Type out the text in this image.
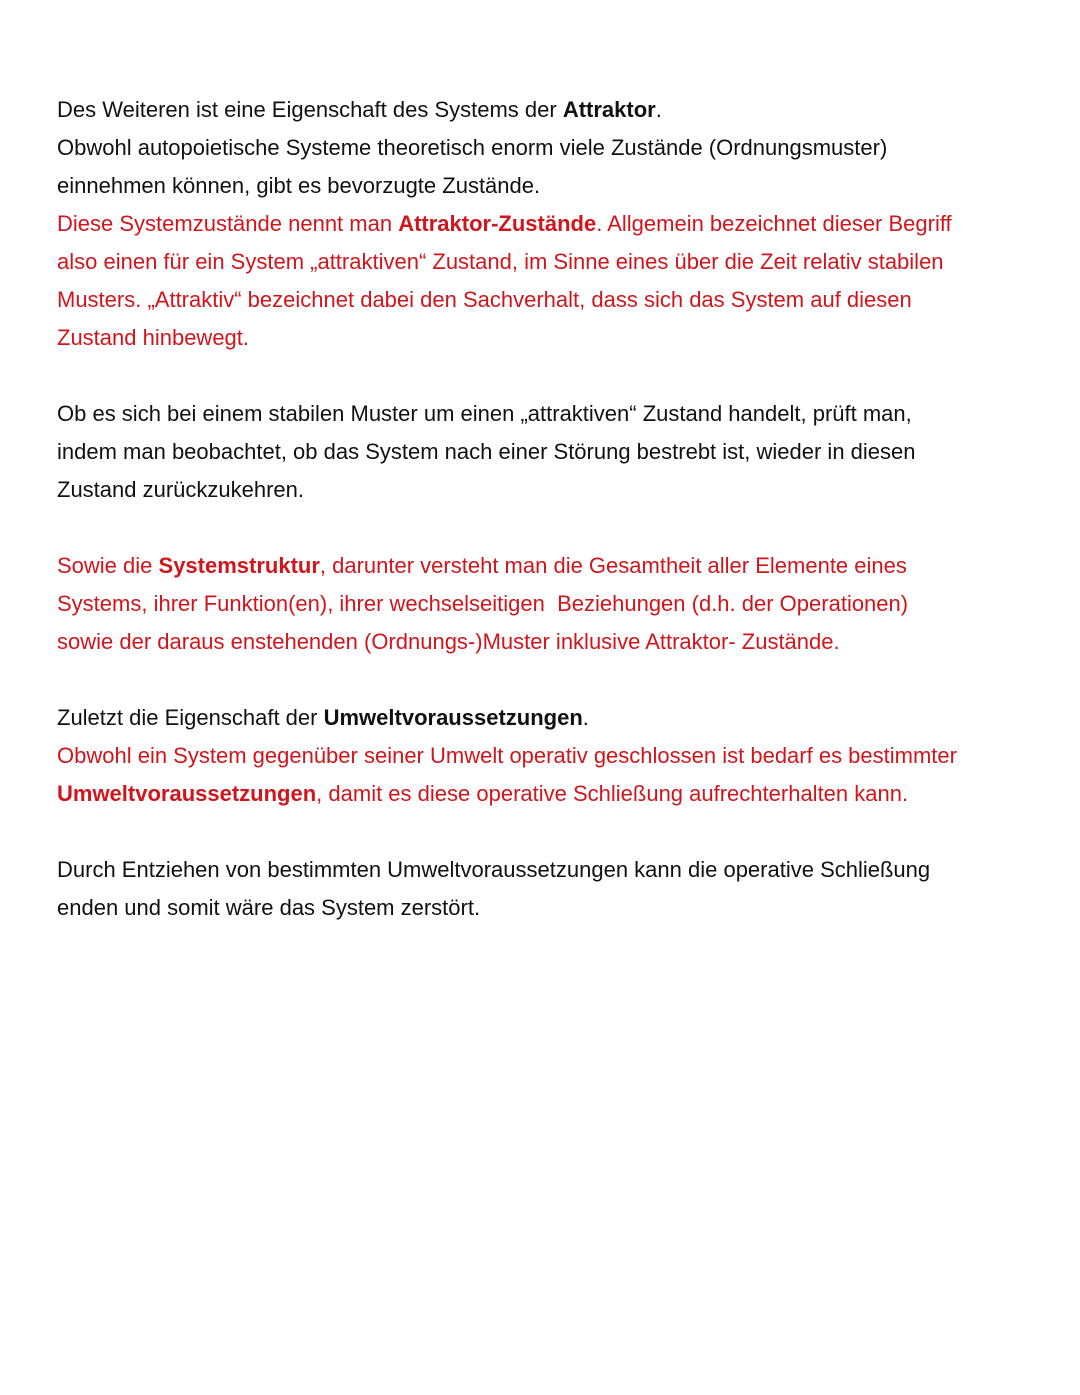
Des Weiteren ist eine Eigenschaft des Systems der Attraktor.
Obwohl autopoietische Systeme theoretisch enorm viele Zustände (Ordnungsmuster)
einnehmen können, gibt es bevorzugte Zustände.
Diese Systemzustände nennt man Attraktor-Zustände. Allgemein bezeichnet dieser Begriff
also einen für ein System „attraktiven“ Zustand, im Sinne eines über die Zeit relativ stabilen
Musters. „Attraktiv“ bezeichnet dabei den Sachverhalt, dass sich das System auf diesen
Zustand hinbewegt.
Ob es sich bei einem stabilen Muster um einen „attraktiven“ Zustand handelt, prüft man,
indem man beobachtet, ob das System nach einer Störung bestrebt ist, wieder in diesen
Zustand zurückzukehren.
Sowie die Systemstruktur, darunter versteht man die Gesamtheit aller Elemente eines
Systems, ihrer Funktion(en), ihrer wechselseitigen  Beziehungen (d.h. der Operationen)
sowie der daraus enstehenden (Ordnungs-)Muster inklusive Attraktor- Zustände.
Zuletzt die Eigenschaft der Umweltvoraussetzungen.
Obwohl ein System gegenüber seiner Umwelt operativ geschlossen ist bedarf es bestimmter
Umweltvoraussetzungen, damit es diese operative Schließung aufrechterhalten kann.
Durch Entziehen von bestimmten Umweltvoraussetzungen kann die operative Schließung
enden und somit wäre das System zerstört.
